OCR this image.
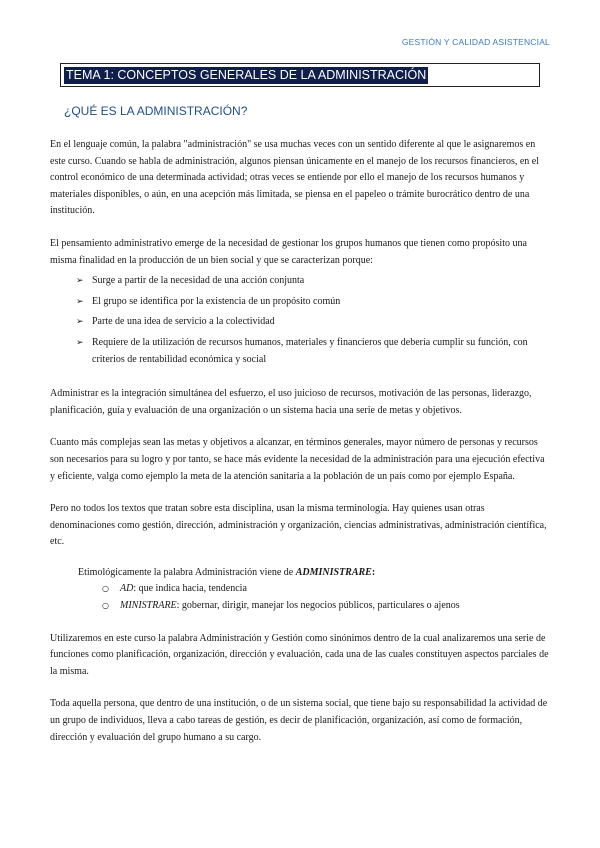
GESTIÓN Y CALIDAD ASISTENCIAL
TEMA 1: CONCEPTOS GENERALES DE LA ADMINISTRACIÓN
¿QUÉ ES LA ADMINISTRACIÓN?

En el lenguaje común, la palabra "administración" se usa muchas veces con un sentido diferente al que le asignaremos en este curso. Cuando se habla de administración, algunos piensan únicamente en el manejo de los recursos financieros, en el control económico de una determinada actividad; otras veces se entiende por ello el manejo de los recursos humanos y materiales disponibles, o aún, en una acepción más limitada, se piensa en el papeleo o trámite burocrático dentro de una institución.

El pensamiento administrativo emerge de la necesidad de gestionar los grupos humanos que tienen como propósito una misma finalidad en la producción de un bien social y que se caracterizan porque:

➢ Surge a partir de la necesidad de una acción conjunta
➢ El grupo se identifica por la existencia de un propósito común
➢ Parte de una idea de servicio a la colectividad
➢ Requiere de la utilización de recursos humanos, materiales y financieros que debería cumplir su función, con criterios de rentabilidad económica y social

Administrar es la integración simultánea del esfuerzo, el uso juicioso de recursos, motivación de las personas, liderazgo, planificación, guía y evaluación de una organización o un sistema hacia una serie de metas y objetivos.

Cuanto más complejas sean las metas y objetivos a alcanzar, en términos generales, mayor número de personas y recursos son necesarios para su logro y por tanto, se hace más evidente la necesidad de la administración para una ejecución efectiva y eficiente, valga como ejemplo la meta de la atención sanitaria a la población de un país como por ejemplo España.

Pero no todos los textos que tratan sobre esta disciplina, usan la misma terminología. Hay quienes usan otras denominaciones como gestión, dirección, administración y organización, ciencias administrativas, administración científica, etc.

Etimológicamente la palabra Administración viene de ADMINISTRARE:

○ AD: que indica hacia, tendencia
○ MINISTRARE: gobernar, dirigir, manejar los negocios públicos, particulares o ajenos

Utilizaremos en este curso la palabra Administración y Gestión como sinónimos dentro de la cual analizaremos una serie de funciones como planificación, organización, dirección y evaluación, cada una de las cuales constituyen aspectos parciales de la misma.

Toda aquella persona, que dentro de una institución, o de un sistema social, que tiene bajo su responsabilidad la actividad de un grupo de individuos, lleva a cabo tareas de gestión, es decir de planificación, organización, así como de formación, dirección y evaluación del grupo humano a su cargo.
